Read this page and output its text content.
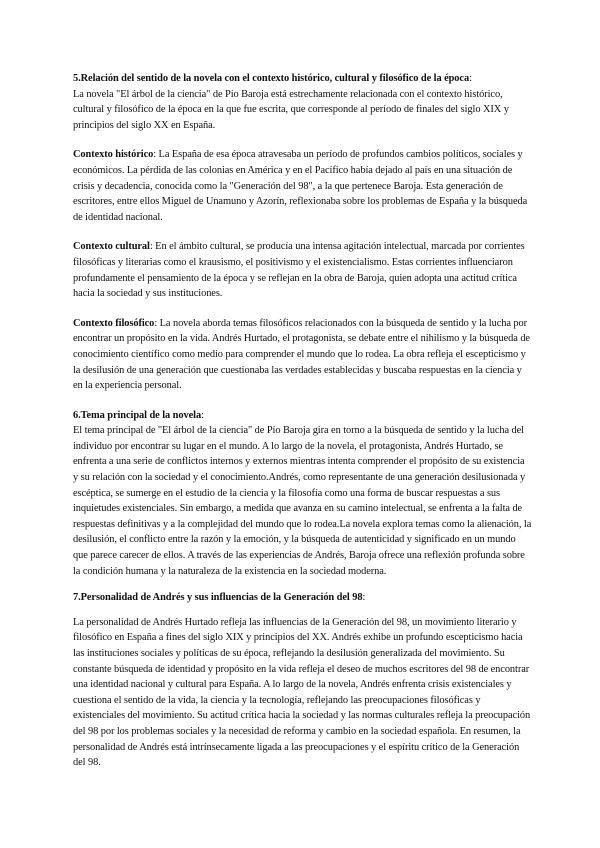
5.Relación del sentido de la novela con el contexto histórico, cultural y filosófico de la época:

La novela "El árbol de la ciencia" de Pío Baroja está estrechamente relacionada con el contexto histórico, cultural y filosófico de la época en la que fue escrita, que corresponde al período de finales del siglo XIX y principios del siglo XX en España.

Contexto histórico: La España de esa época atravesaba un período de profundos cambios políticos, sociales y económicos. La pérdida de las colonias en América y en el Pacífico había dejado al país en una situación de crisis y decadencia, conocida como la "Generación del 98", a la que pertenece Baroja. Esta generación de escritores, entre ellos Miguel de Unamuno y Azorín, reflexionaba sobre los problemas de España y la búsqueda de identidad nacional.

Contexto cultural: En el ámbito cultural, se producía una intensa agitación intelectual, marcada por corrientes filosóficas y literarias como el krausismo, el positivismo y el existencialismo. Estas corrientes influenciaron profundamente el pensamiento de la época y se reflejan en la obra de Baroja, quien adopta una actitud crítica hacia la sociedad y sus instituciones.

Contexto filosófico: La novela aborda temas filosóficos relacionados con la búsqueda de sentido y la lucha por encontrar un propósito en la vida. Andrés Hurtado, el protagonista, se debate entre el nihilismo y la búsqueda de conocimiento científico como medio para comprender el mundo que lo rodea. La obra refleja el escepticismo y la desilusión de una generación que cuestionaba las verdades establecidas y buscaba respuestas en la ciencia y en la experiencia personal.

6.Tema principal de la novela:

El tema principal de "El árbol de la ciencia" de Pío Baroja gira en torno a la búsqueda de sentido y la lucha del individuo por encontrar su lugar en el mundo. A lo largo de la novela, el protagonista, Andrés Hurtado, se enfrenta a una serie de conflictos internos y externos mientras intenta comprender el propósito de su existencia y su relación con la sociedad y el conocimiento.Andrés, como representante de una generación desilusionada y escéptica, se sumerge en el estudio de la ciencia y la filosofía como una forma de buscar respuestas a sus inquietudes existenciales. Sin embargo, a medida que avanza en su camino intelectual, se enfrenta a la falta de respuestas definitivas y a la complejidad del mundo que lo rodea.La novela explora temas como la alienación, la desilusión, el conflicto entre la razón y la emoción, y la búsqueda de autenticidad y significado en un mundo que parece carecer de ellos. A través de las experiencias de Andrés, Baroja ofrece una reflexión profunda sobre la condición humana y la naturaleza de la existencia en la sociedad moderna.

7.Personalidad de Andrés y sus influencias de la Generación del 98:

La personalidad de Andrés Hurtado refleja las influencias de la Generación del 98, un movimiento literario y filosófico en España a fines del siglo XIX y principios del XX. Andrés exhibe un profundo escepticismo hacia las instituciones sociales y políticas de su época, reflejando la desilusión generalizada del movimiento. Su constante búsqueda de identidad y propósito en la vida refleja el deseo de muchos escritores del 98 de encontrar una identidad nacional y cultural para España. A lo largo de la novela, Andrés enfrenta crisis existenciales y cuestiona el sentido de la vida, la ciencia y la tecnología, reflejando las preocupaciones filosóficas y existenciales del movimiento. Su actitud crítica hacia la sociedad y las normas culturales refleja la preocupación del 98 por los problemas sociales y la necesidad de reforma y cambio en la sociedad española. En resumen, la personalidad de Andrés está intrínsecamente ligada a las preocupaciones y el espíritu crítico de la Generación del 98.
